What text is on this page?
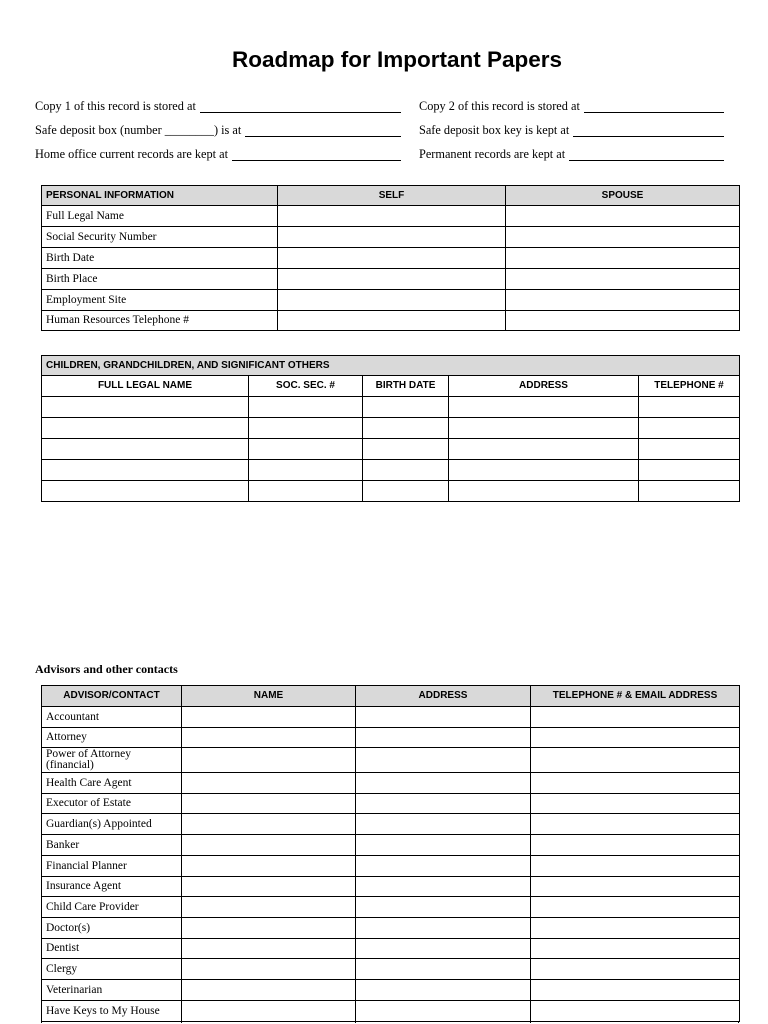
Roadmap for Important Papers
Copy 1 of this record is stored at
Safe deposit box (number ________) is at
Home office current records are kept at
Copy 2 of this record is stored at
Safe deposit box key is kept at
Permanent records are kept at
PERSONAL INFORMATION	SELF	SPOUSE
Full Legal Name		
Social Security Number		
Birth Date		
Birth Place		
Employment Site		
Human Resources Telephone #		
CHILDREN, GRANDCHILDREN, AND SIGNIFICANT OTHERS				
FULL LEGAL NAME	SOC. SEC. #	BIRTH DATE	ADDRESS	TELEPHONE #

Advisors and other contacts
ADVISOR/CONTACT	NAME	ADDRESS	TELEPHONE # & EMAIL ADDRESS
Accountant			
Attorney			
Power of Attorney (financial)			
Health Care Agent			
Executor of Estate			
Guardian(s) Appointed			
Banker			
Financial Planner			
Insurance Agent			
Child Care Provider			
Doctor(s)			
Dentist			
Clergy			
Veterinarian			
Have Keys to My House			
